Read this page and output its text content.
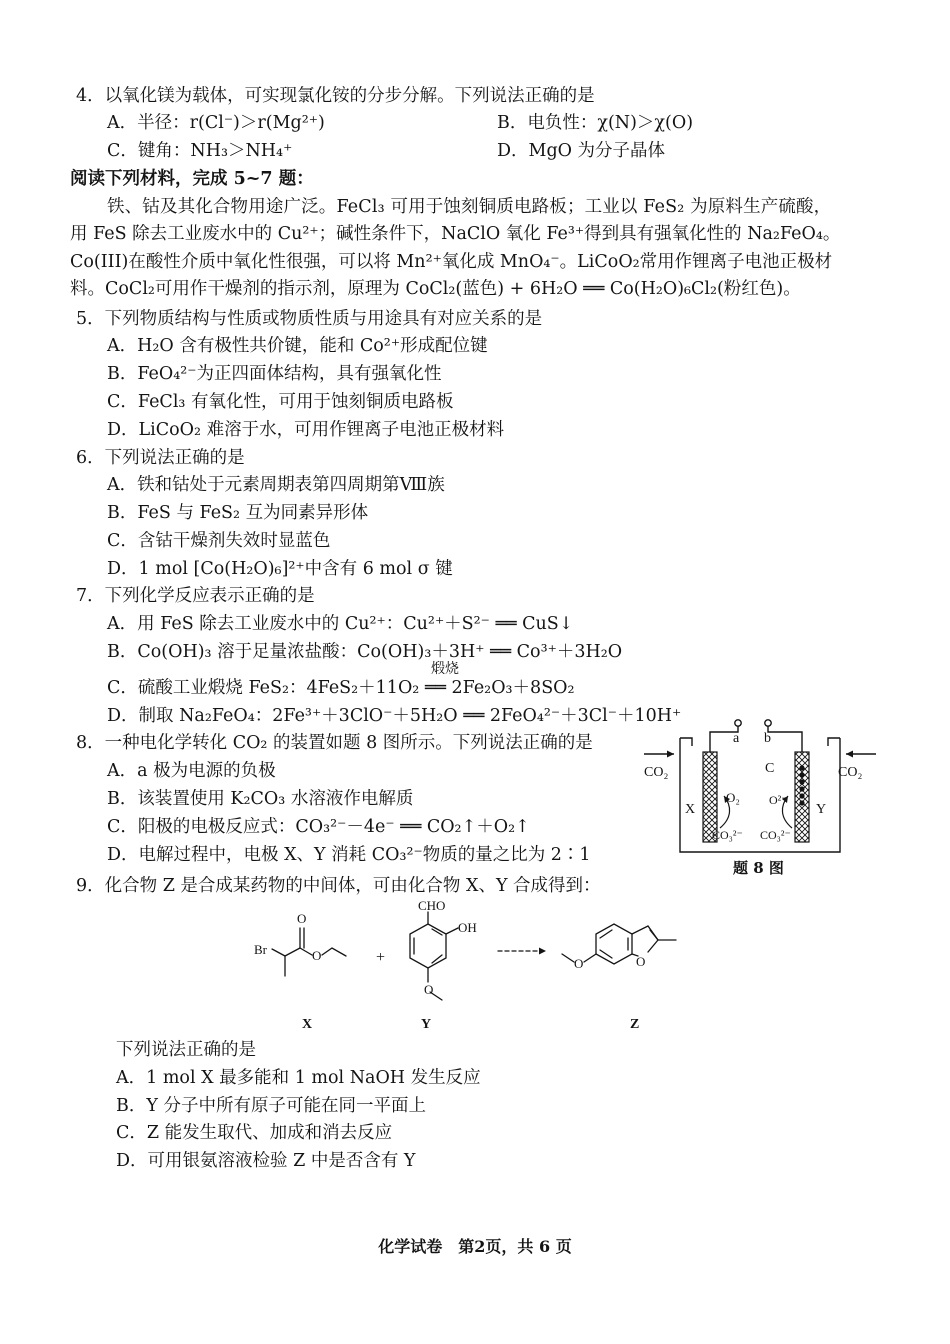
4．以氧化镁为载体，可实现氯化铵的分步分解。下列说法正确的是

A．半径：r(Cl⁻)＞r(Mg²⁺)	B．电负性：χ(N)＞χ(O)

C．键角：NH₃＞NH₄⁺	D．MgO 为分子晶体

阅读下列材料，完成 5~7 题：

铁、钴及其化合物用途广泛。FeCl₃ 可用于蚀刻铜质电路板；工业以 FeS₂ 为原料生产硫酸，

用 FeS 除去工业废水中的 Cu²⁺；碱性条件下，NaClO 氧化 Fe³⁺得到具有强氧化性的 Na₂FeO₄。

Co(III)在酸性介质中氧化性很强，可以将 Mn²⁺氧化成 MnO₄⁻。LiCoO₂常用作锂离子电池正极材

料。CoCl₂可用作干燥剂的指示剂，原理为 CoCl₂(蓝色) + 6H₂O ══ Co(H₂O)₆Cl₂(粉红色)。

5．下列物质结构与性质或物质性质与用途具有对应关系的是

A．H₂O 含有极性共价键，能和 Co²⁺形成配位键

B．FeO₄²⁻为正四面体结构，具有强氧化性

C．FeCl₃ 有氧化性，可用于蚀刻铜质电路板

D．LiCoO₂ 难溶于水，可用作锂离子电池正极材料

6．下列说法正确的是

A．铁和钴处于元素周期表第四周期第Ⅷ族

B．FeS 与 FeS₂ 互为同素异形体

C．含钴干燥剂失效时显蓝色

D．1 mol [Co(H₂O)₆]²⁺中含有 6 mol σ 键

7．下列化学反应表示正确的是

A．用 FeS 除去工业废水中的 Cu²⁺：Cu²⁺＋S²⁻ ══ CuS↓

B．Co(OH)₃ 溶于足量浓盐酸：Co(OH)₃＋3H⁺ ══ Co³⁺＋3H₂O

煅烧

C．硫酸工业煅烧 FeS₂：4FeS₂＋11O₂ ══ 2Fe₂O₃＋8SO₂

D．制取 Na₂FeO₄：2Fe³⁺＋3ClO⁻＋5H₂O ══ 2FeO₄²⁻＋3Cl⁻＋10H⁺

8．一种电化学转化 CO₂ 的装置如题 8 图所示。下列说法正确的是

A．a 极为电源的负极

B．该装置使用 K₂CO₃ 水溶液作电解质

C．阳极的电极反应式：CO₃²⁻－4e⁻ ══ CO₂↑＋O₂↑

D．电解过程中，电极 X、Y 消耗 CO₃²⁻物质的量之比为 2∶1

a b
CO₂	CO₂
X	Y
O₂
C
O²⁻
CO₃²⁻ CO₃²⁻
题 8 图

9．化合物 Z 是合成某药物的中间体，可由化合物 X、Y 合成得到：

Br
O
O	+
CHO
OH
O
O	O
X	Y	Z

下列说法正确的是

A．1 mol X 最多能和 1 mol NaOH 发生反应

B．Y 分子中所有原子可能在同一平面上

C．Z 能发生取代、加成和消去反应

D．可用银氨溶液检验 Z 中是否含有 Y

化学试卷　第2页，共 6 页
